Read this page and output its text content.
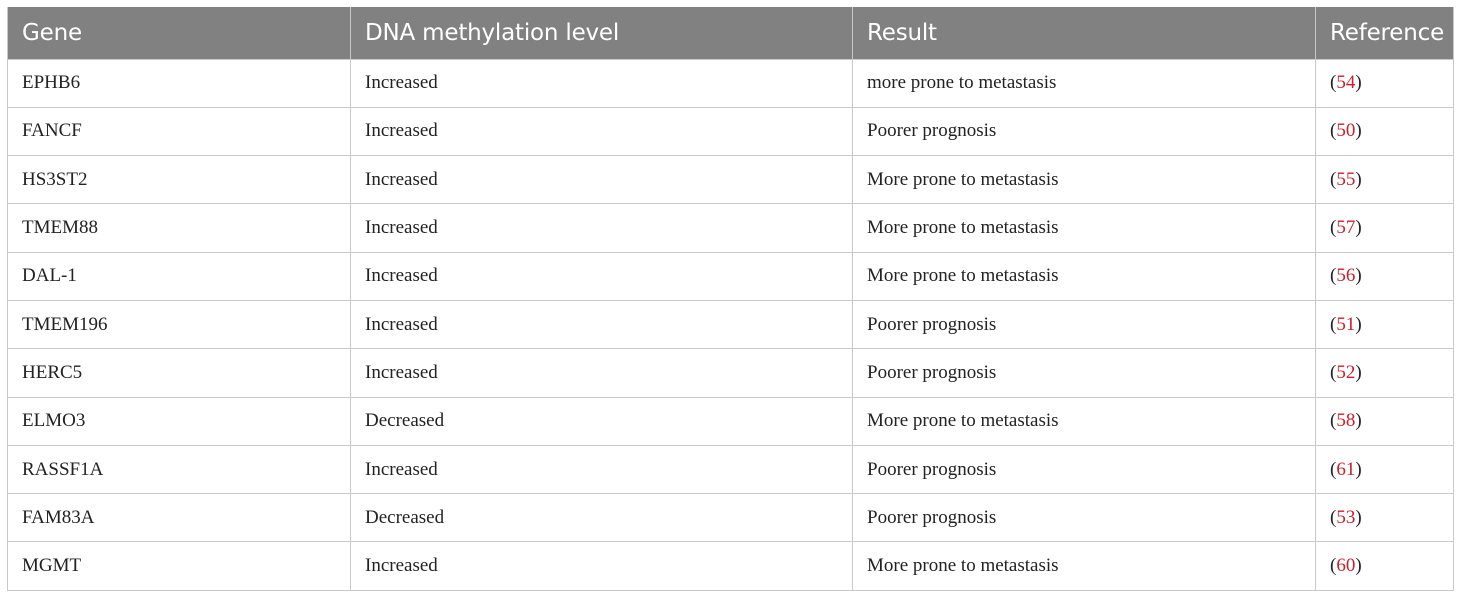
Gene	DNA methylation level	Result	Reference
EPHB6	Increased	more prone to metastasis	(54)
FANCF	Increased	Poorer prognosis	(50)
HS3ST2	Increased	More prone to metastasis	(55)
TMEM88	Increased	More prone to metastasis	(57)
DAL-1	Increased	More prone to metastasis	(56)
TMEM196	Increased	Poorer prognosis	(51)
HERC5	Increased	Poorer prognosis	(52)
ELMO3	Decreased	More prone to metastasis	(58)
RASSF1A	Increased	Poorer prognosis	(61)
FAM83A	Decreased	Poorer prognosis	(53)
MGMT	Increased	More prone to metastasis	(60)
